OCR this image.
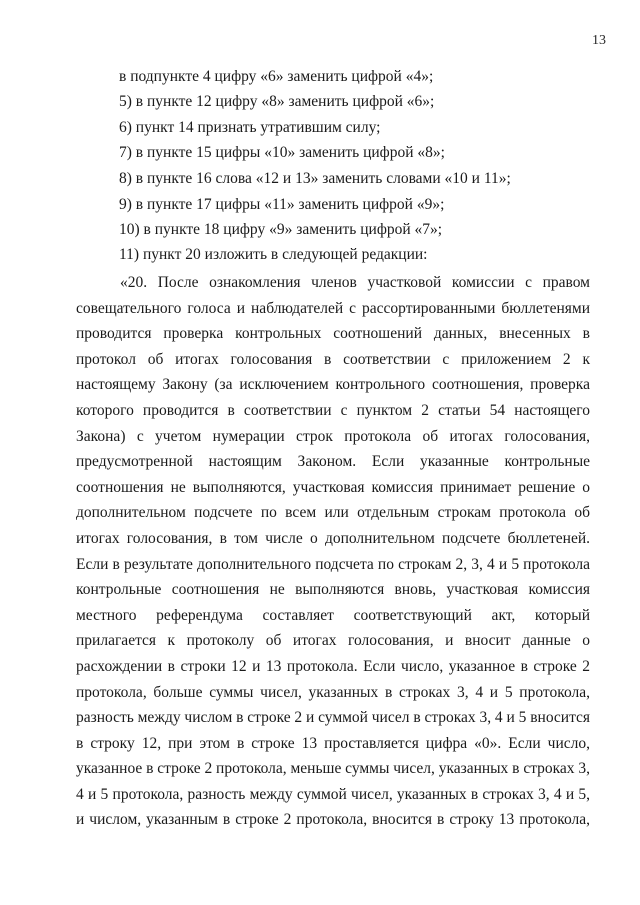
13
в подпункте 4 цифру «6» заменить цифрой «4»;
5) в пункте 12 цифру «8» заменить цифрой «6»;
6) пункт 14 признать утратившим силу;
7) в пункте 15 цифры «10» заменить цифрой «8»;
8) в пункте 16 слова «12 и 13» заменить словами «10 и 11»;
9) в пункте 17 цифры «11» заменить цифрой «9»;
10) в пункте 18 цифру «9» заменить цифрой «7»;
11) пункт 20 изложить в следующей редакции:
«20. После ознакомления членов участковой комиссии с правом
совещательного голоса и наблюдателей с рассортированными бюллетенями
проводится проверка контрольных соотношений данных, внесенных в
протокол об итогах голосования в соответствии с приложением 2 к
настоящему Закону (за исключением контрольного соотношения, проверка
которого проводится в соответствии с пунктом 2 статьи 54 настоящего
Закона) с учетом нумерации строк протокола об итогах голосования,
предусмотренной настоящим Законом. Если указанные контрольные
соотношения не выполняются, участковая комиссия принимает решение о
дополнительном подсчете по всем или отдельным строкам протокола об
итогах голосования, в том числе о дополнительном подсчете бюллетеней.
Если в результате дополнительного подсчета по строкам 2, 3, 4 и 5 протокола
контрольные соотношения не выполняются вновь, участковая комиссия
местного референдума составляет соответствующий акт, который
прилагается к протоколу об итогах голосования, и вносит данные о
расхождении в строки 12 и 13 протокола. Если число, указанное в строке 2
протокола, больше суммы чисел, указанных в строках 3, 4 и 5 протокола,
разность между числом в строке 2 и суммой чисел в строках 3, 4 и 5 вносится
в строку 12, при этом в строке 13 проставляется цифра «0». Если число,
указанное в строке 2 протокола, меньше суммы чисел, указанных в строках 3,
4 и 5 протокола, разность между суммой чисел, указанных в строках 3, 4 и 5,
и числом, указанным в строке 2 протокола, вносится в строку 13 протокола,
